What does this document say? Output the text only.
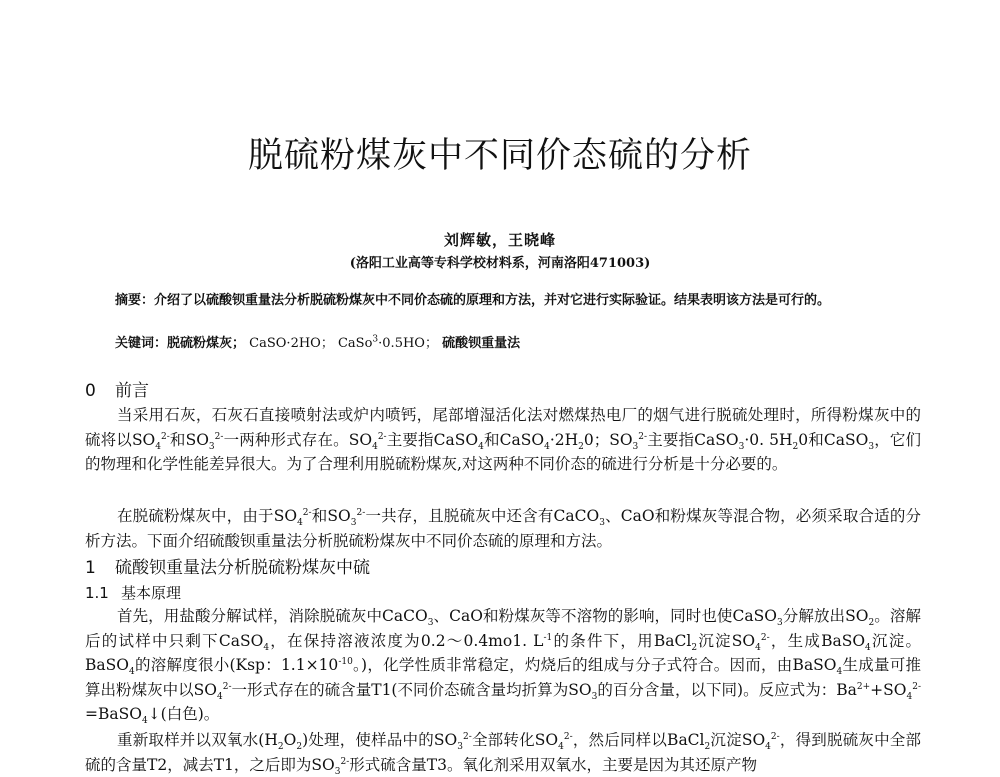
脱硫粉煤灰中不同价态硫的分析
刘辉敏，王晓峰
(洛阳工业高等专科学校材料系，河南洛阳471003)
摘要：介绍了以硫酸钡重量法分析脱硫粉煤灰中不同价态硫的原理和方法，并对它进行实际验证。结果表明该方法是可行的。
关键词：脱硫粉煤灰； CaSO·2HO； CaSo$^3$·0.5HO； 硫酸钡重量法
0 前言

当采用石灰，石灰石直接喷射法或炉内喷钙，尾部增湿活化法对燃煤热电厂的烟气进行脱硫处理时，所得粉煤灰中的硫将以$SO_4^{2-}$和$SO_3^{2-}$一两种形式存在。$SO_4^{2-}$主要指CaSO$_4$和$CaSO_4\cdot 2H_20$；$SO_3^{2-}$主要指CaSO$_3$·0. $5H_20$和CaSO$_3$，它们的物理和化学性能差异很大。为了合理利用脱硫粉煤灰,对这两种不同价态的硫进行分析是十分必要的。

在脱硫粉煤灰中，由于$SO_4^{2-}$和$SO_3^{2-}$一共存，且脱硫灰中还含有CaCO$_3$、CaO和粉煤灰等混合物，必须采取合适的分析方法。下面介绍硫酸钡重量法分析脱硫粉煤灰中不同价态硫的原理和方法。

1 硫酸钡重量法分析脱硫粉煤灰中硫
1.1 基本原理

首先，用盐酸分解试样，消除脱硫灰中CaCO$_3$、CaO和粉煤灰等不溶物的影响，同时也使CaSO$_3$分解放出$SO_2$。溶解后的试样中只剩下CaSO$_4$，在保持溶液浓度为0.2～0.4mo1. $L^{-1}$的条件下，用BaCl$_2$沉淀$SO_4^{2-}$，生成BaSO$_4$沉淀。BaSO$_4$的溶解度很小(Ksp：$1.1\times 10^{-10}$。)，化学性质非常稳定，灼烧后的组成与分子式符合。因而，由BaSO$_4$生成量可推算出粉煤灰中以$SO_4^{2-}$一形式存在的硫含量T1(不同价态硫含量均折算为$SO_3$的百分含量，以下同)。反应式为：$Ba^{2+}+SO_4^{2-}=BaSO_4↓$(白色)。

重新取样并以双氧水$(H_2O_2)$处理，使样品中的$SO_3^{2-}$全部转化$SO_4^{2-}$，然后同样以BaCl$_2$沉淀$SO_4^{2-}$，得到脱硫灰中全部硫的含量T2，减去T1，之后即为$SO_3^{2-}$形式硫含量T3。氧化剂采用双氧水，主要是因为其还原产物
